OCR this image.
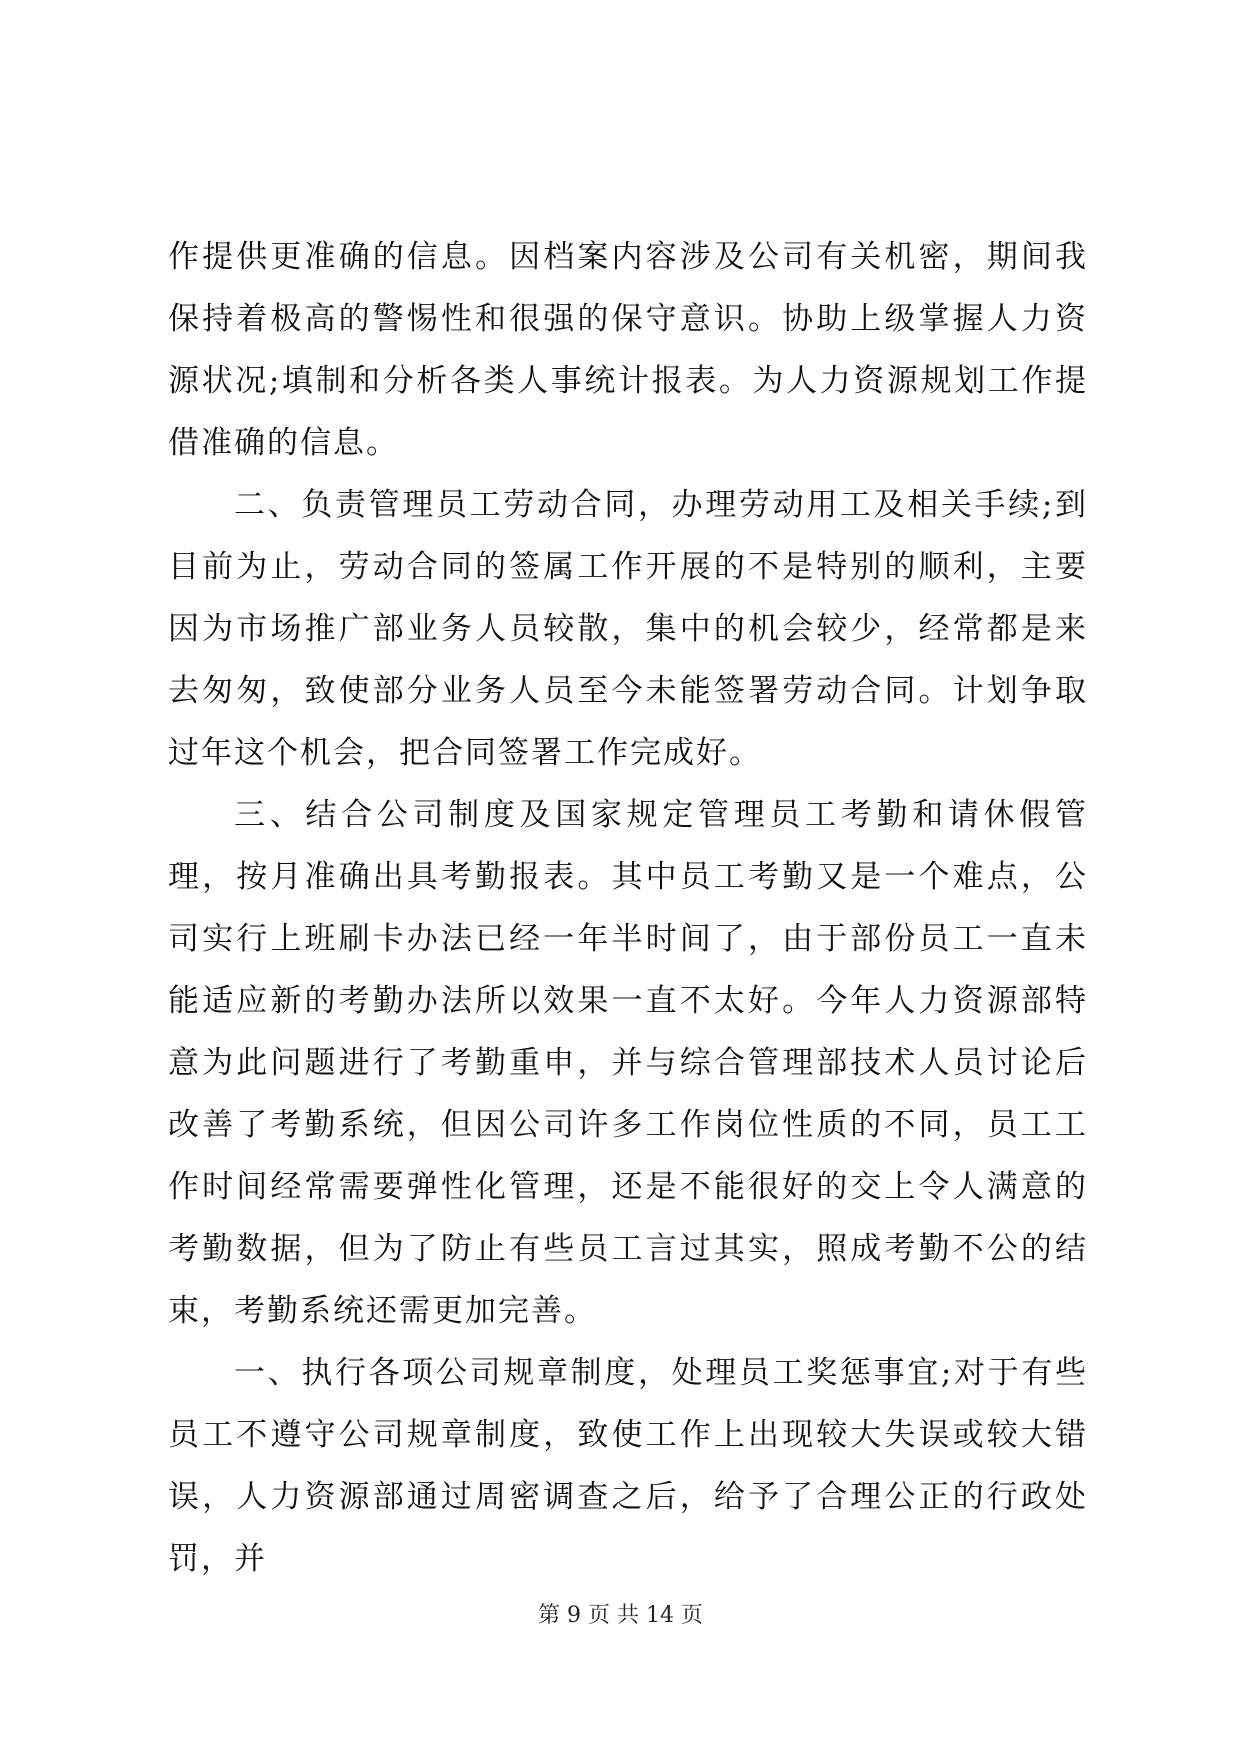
作提供更准确的信息。因档案内容涉及公司有关机密，期间我保持着极高的警惕性和很强的保守意识。协助上级掌握人力资源状况;填制和分析各类人事统计报表。为人力资源规划工作提借准确的信息。

二、负责管理员工劳动合同，办理劳动用工及相关手续;到目前为止，劳动合同的签属工作开展的不是特别的顺利，主要因为市场推广部业务人员较散，集中的机会较少，经常都是来去匆匆，致使部分业务人员至今未能签署劳动合同。计划争取过年这个机会，把合同签署工作完成好。

三、结合公司制度及国家规定管理员工考勤和请休假管理，按月准确出具考勤报表。其中员工考勤又是一个难点，公司实行上班刷卡办法已经一年半时间了，由于部份员工一直未能适应新的考勤办法所以效果一直不太好。今年人力资源部特意为此问题进行了考勤重申，并与综合管理部技术人员讨论后改善了考勤系统，但因公司许多工作岗位性质的不同，员工工作时间经常需要弹性化管理，还是不能很好的交上令人满意的考勤数据，但为了防止有些员工言过其实，照成考勤不公的结束，考勤系统还需更加完善。

一、执行各项公司规章制度，处理员工奖惩事宜;对于有些员工不遵守公司规章制度，致使工作上出现较大失误或较大错误，人力资源部通过周密调查之后，给予了合理公正的行政处罚，并

第 9 页 共 14 页
